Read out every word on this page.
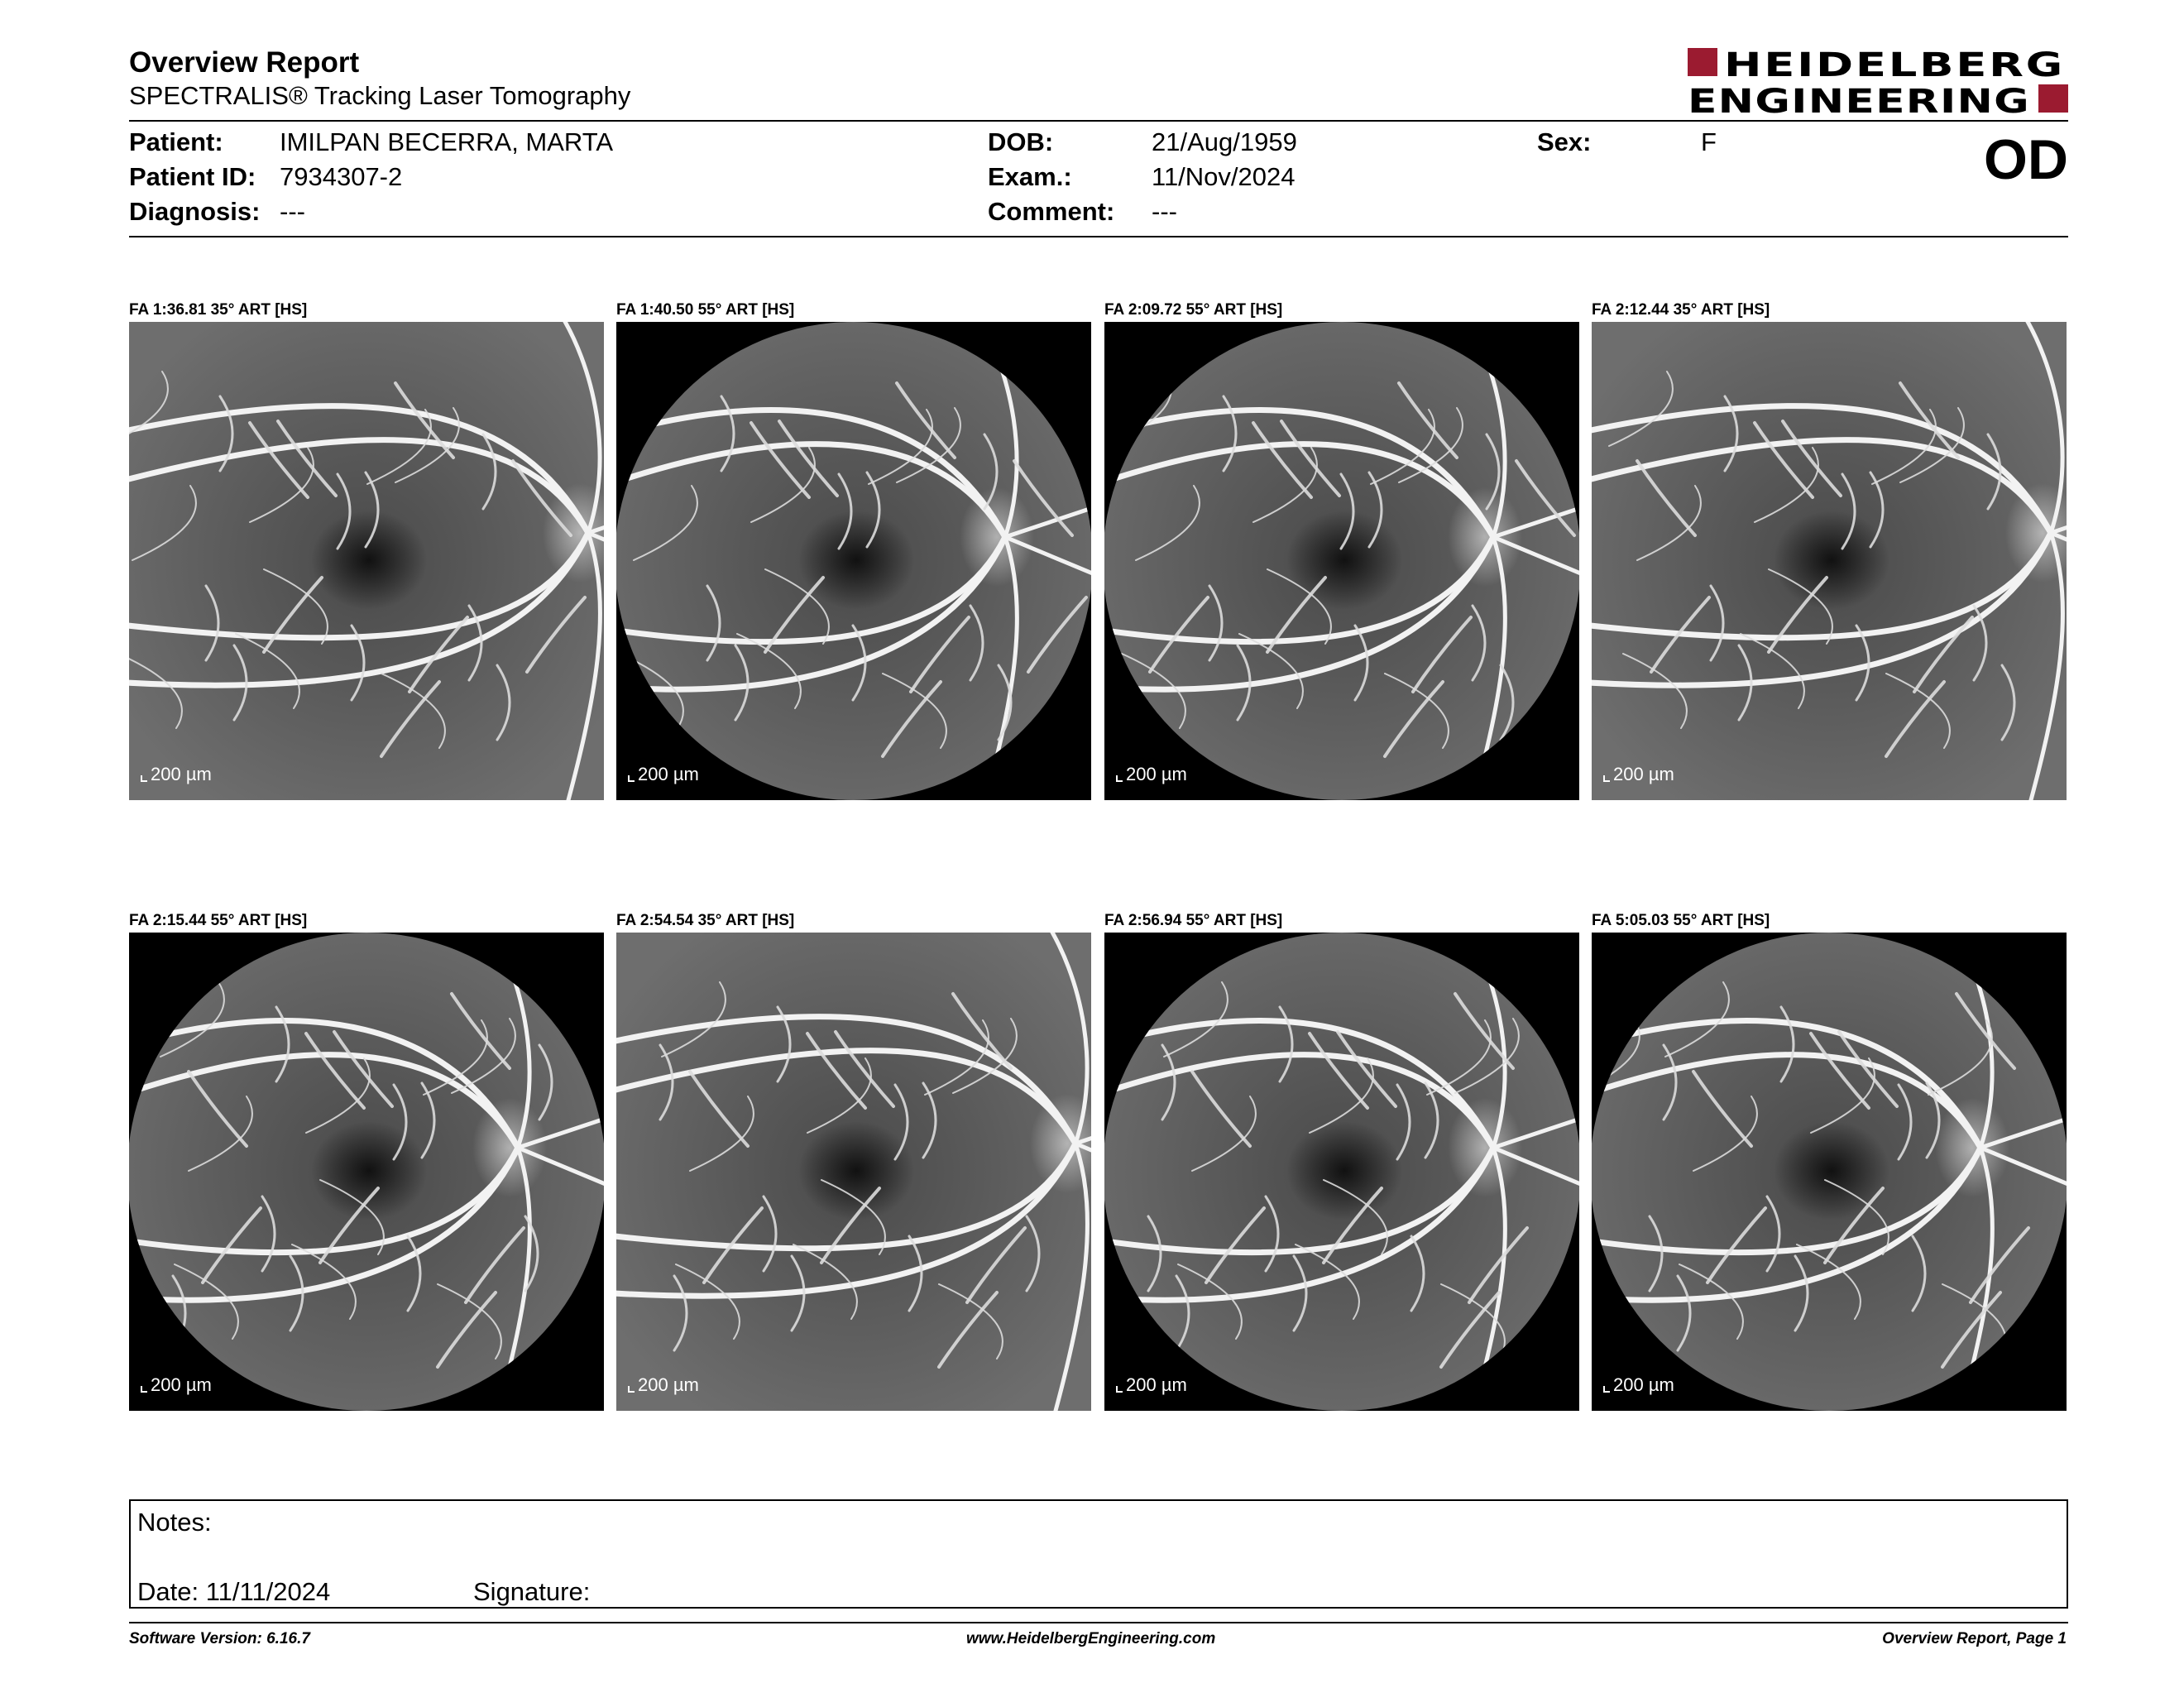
Overview Report
SPECTRALIS® Tracking Laser Tomography
HEIDELBERG
ENGINEERING
Patient: IMILPAN BECERRA, MARTA
Patient ID: 7934307-2
Diagnosis: ---
DOB:	21/Aug/1959
Exam.:	11/Nov/2024
Comment: ---
Sex:	F	OD
FA 1:36.81 35° ART [HS]
200 µm
FA 1:40.50 55° ART [HS]
200 µm
FA 2:09.72 55° ART [HS]
200 µm
FA 2:12.44 35° ART [HS]
200 µm
FA 2:15.44 55° ART [HS]
200 µm
FA 2:54.54 35° ART [HS]
200 µm
FA 2:56.94 55° ART [HS]
200 µm
FA 5:05.03 55° ART [HS]
200 µm
Notes:
Date: 11/11/2024	Signature:
Software Version: 6.16.7	www.HeidelbergEngineering.com	Overview Report, Page 1
